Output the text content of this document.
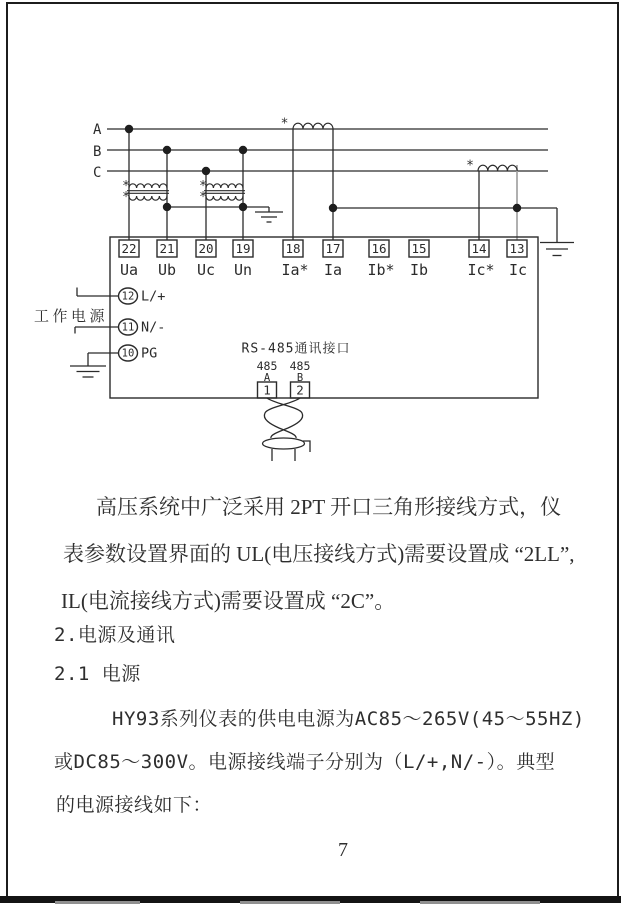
A
B
C
*
*
*
*
*
*
22
Ua
21
Ub
20
Uc
19
Un
18
Ia*
17
Ia
16
Ib*
15
Ib
14
Ic*
13
Ic
工作电源
12 L/+
11 N/-
10 PG	RS-485通讯接口
485
A
1
485
B
2
高压系统中广泛采用 2PT 开口三角形接线方式，仪
表参数设置界面的 UL(电压接线方式)需要设置成 “2LL”,
IL(电流接线方式)需要设置成 “2C”。
2.电源及通讯
2.1 电源
HY93系列仪表的供电电源为AC85～265V(45～55HZ)
或DC85～300V。电源接线端子分别为（L/+,N/-）。典型
的电源接线如下：
7
